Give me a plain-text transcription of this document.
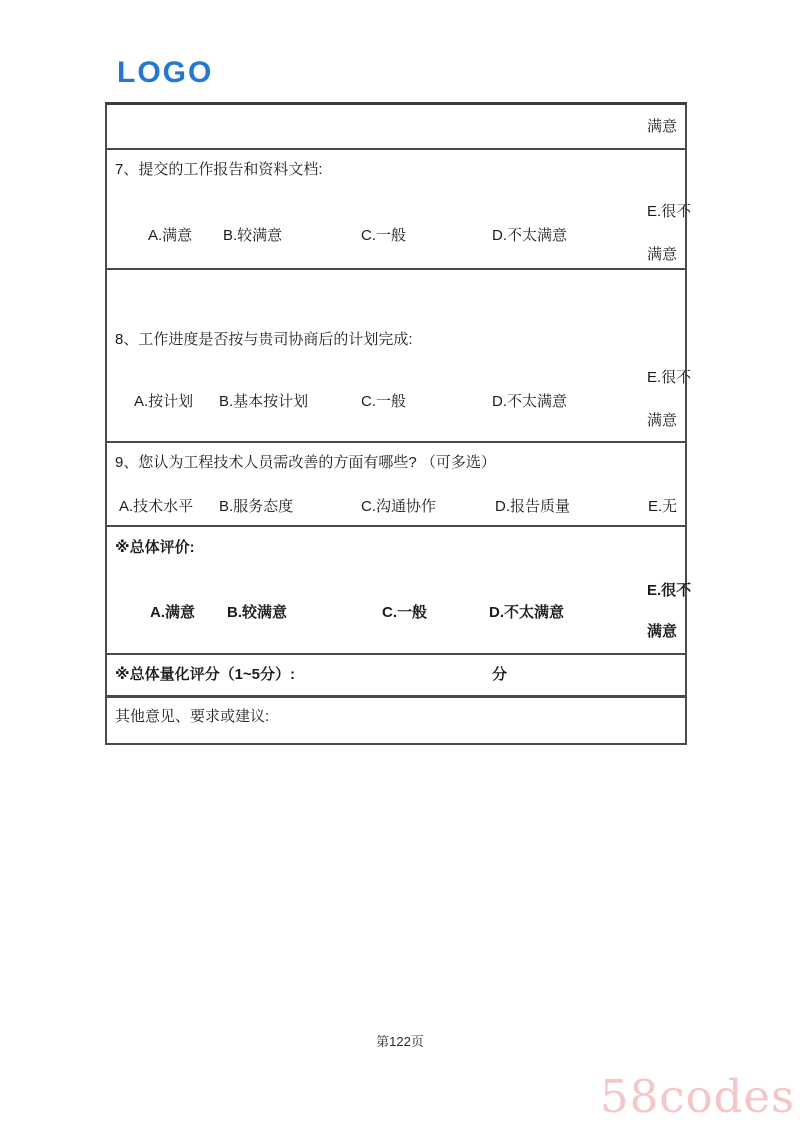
LOGO
满意
7、提交的工作报告和资料文档:
A.满意 B.较满意	C.一般	D.不太满意
E.很不
满意
8、工作进度是否按与贵司协商后的计划完成:
A.按计划 B.基本按计划	C.一般	D.不太满意
E.很不
满意
9、您认为工程技术人员需改善的方面有哪些? （可多选）
A.技术水平 B.服务态度	C.沟通协作	D.报告质量	E.无
※总体评价:
A.满意 B.较满意	C.一般	D.不太满意
E.很不
满意
※总体量化评分（1~5分）:	分
其他意见、要求或建议:
第122页
58codes
